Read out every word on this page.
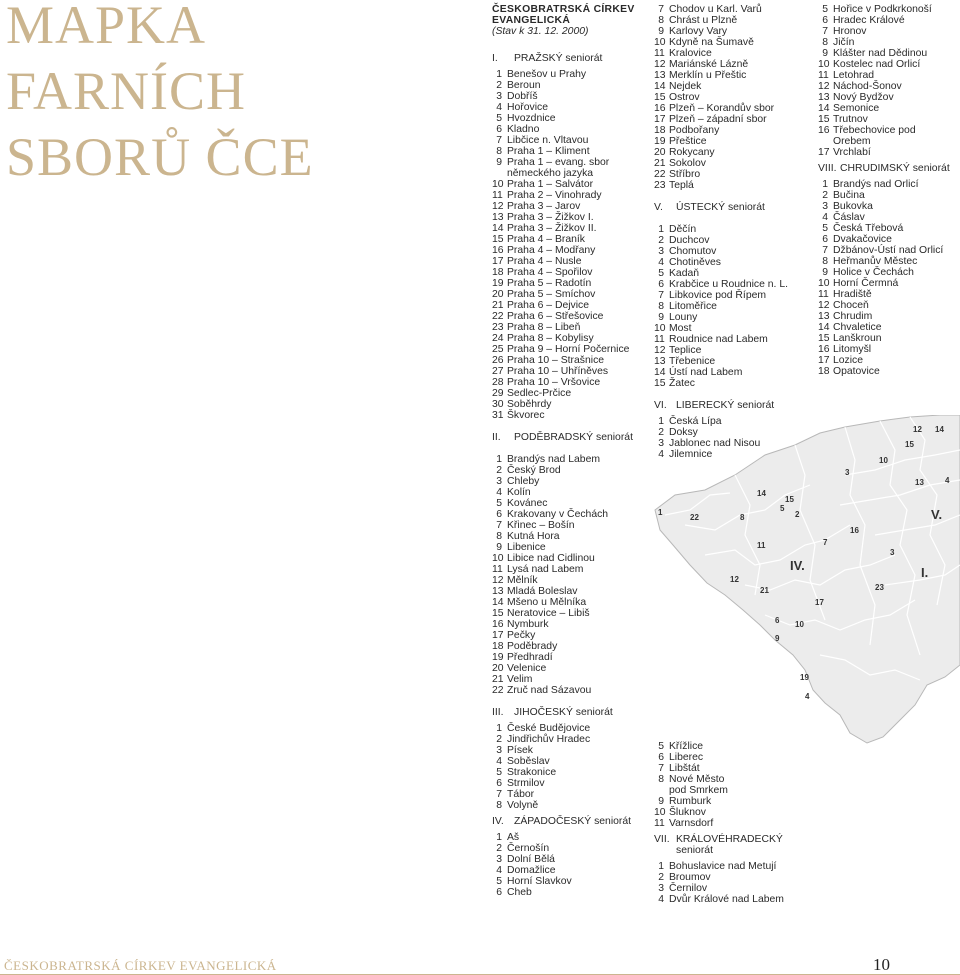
MAPKA
FARNÍCH
SBORŮ ČCE
ČESKOBRATRSKÁ CÍRKEV
EVANGELICKÁ
(Stav k 31. 12. 2000)
I. PRAŽSKÝ seniorát
1 Benešov u Prahy
2 Beroun
3 Dobříš
4 Hořovice
5 Hvozdnice
6 Kladno
7 Libčice n. Vltavou
8 Praha 1 – Kliment
9 Praha 1 – evang. sbor
německého jazyka
10 Praha 1 – Salvátor
11 Praha 2 – Vinohrady
12 Praha 3 – Jarov
13 Praha 3 – Žižkov I.
14 Praha 3 – Žižkov II.
15 Praha 4 – Braník
16 Praha 4 – Modřany
17 Praha 4 – Nusle
18 Praha 4 – Spořilov
19 Praha 5 – Radotín
20 Praha 5 – Smíchov
21 Praha 6 – Dejvice
22 Praha 6 – Střešovice
23 Praha 8 – Libeň
24 Praha 8 – Kobylisy
25 Praha 9 – Horní Počernice
26 Praha 10 – Strašnice
27 Praha 10 – Uhříněves
28 Praha 10 – Vršovice
29 Sedlec-Prčice
30 Soběhrdy
31 Škvorec
II. PODĚBRADSKÝ seniorát
1 Brandýs nad Labem
2 Český Brod
3 Chleby
4 Kolín
5 Kovánec
6 Krakovany v Čechách
7 Křinec – Bošín
8 Kutná Hora
9 Libenice
10 Libice nad Cidlinou
11 Lysá nad Labem
12 Mělník
13 Mladá Boleslav
14 Mšeno u Mělníka
15 Neratovice – Libiš
16 Nymburk
17 Pečky
18 Poděbrady
19 Předhradí
20 Velenice
21 Velim
22 Zruč nad Sázavou
III. JIHOČESKÝ seniorát
1 České Budějovice
2 Jindřichův Hradec
3 Písek
4 Soběslav
5 Strakonice
6 Strmilov
7 Tábor
8 Volyně
IV. ZÁPADOČESKÝ seniorát
1 Aš
2 Černošín
3 Dolní Bělá
4 Domažlice
5 Horní Slavkov
6 Cheb
7 Chodov u Karl. Varů
8 Chrást u Plzně
9 Karlovy Vary
10 Kdyně na Šumavě
11 Kralovice
12 Mariánské Lázně
13 Merklín u Přeštic
14 Nejdek
15 Ostrov
16 Plzeň – Korandův sbor
17 Plzeň – západní sbor
18 Podbořany
19 Přeštice
20 Rokycany
21 Sokolov
22 Stříbro
23 Teplá
V. ÚSTECKÝ seniorát
1 Děčín
2 Duchcov
3 Chomutov
4 Chotiněves
5 Kadaň
6 Krabčice u Roudnice n. L.
7 Libkovice pod Řípem
8 Litoměřice
9 Louny
10 Most
11 Roudnice nad Labem
12 Teplice
13 Třebenice
14 Ústí nad Labem
15 Žatec
VI. LIBERECKÝ seniorát
1 Česká Lípa
2 Doksy
3 Jablonec nad Nisou
4 Jilemnice
5 Křížlice
6 Liberec
7 Libštát
8 Nové Město
pod Smrkem
9 Rumburk
10 Šluknov
11 Varnsdorf
VII. KRÁLOVÉHRADECKÝ
seniorát
1 Bohuslavice nad Metují
2 Broumov
3 Černilov
4 Dvůr Králové nad Labem
5 Hořice v Podkrkonoší
6 Hradec Králové
7 Hronov
8 Jičín
9 Klášter nad Dědinou
10 Kostelec nad Orlicí
11 Letohrad
12 Náchod-Šonov
13 Nový Bydžov
14 Semonice
15 Trutnov
16 Třebechovice pod
Orebem
17 Vrchlabí
VIII. CHRUDIMSKÝ seniorát
1 Brandýs nad Orlicí
2 Bučina
3 Bukovka
4 Čáslav
5 Česká Třebová
6 Dvakačovice
7 Džbánov-Ústí nad Orlicí
8 Heřmanův Městec
9 Holice v Čechách
10 Horní Čermná
11 Hradiště
12 Choceň
13 Chrudim
14 Chvaletice
15 Lanškroun
16 Litomyšl
17 Lozice
18 Opatovice
12 14
15
10
13
3
4
14
15
5
2
1
8
22
16
7
11
3
12
21
17
23
6 10
9
19
4
IV.
V.
I.
ČESKOBRATRSKÁ CÍRKEV EVANGELICKÁ	10
